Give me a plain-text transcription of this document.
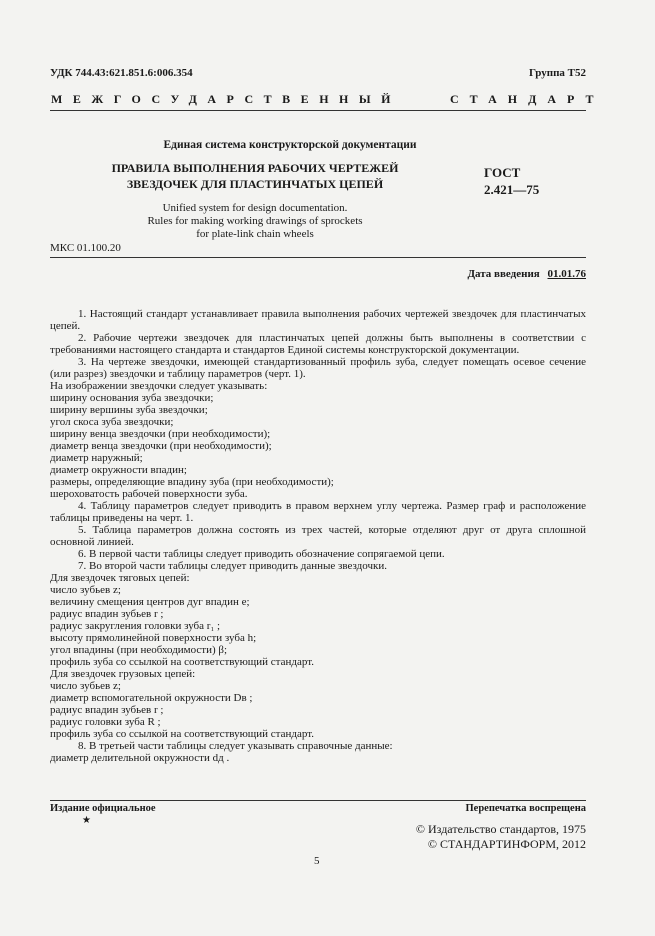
УДК 744.43:621.851.6:006.354	Группа Т52
МЕЖГОСУДАРСТВЕННЫЙ	СТАНДАРТ
Единая система конструкторской документации
ПРАВИЛА ВЫПОЛНЕНИЯ РАБОЧИХ ЧЕРТЕЖЕЙ
ЗВЕЗДОЧЕК ДЛЯ ПЛАСТИНЧАТЫХ ЦЕПЕЙ
ГОСТ
2.421—75
Unified system for design documentation.
Rules for making working drawings of sprockets
for plate-link chain wheels
МКС 01.100.20
Дата введения 01.01.76
1. Настоящий стандарт устанавливает правила выполнения рабочих чертежей звездочек для пластинчатых цепей.
2. Рабочие чертежи звездочек для пластинчатых цепей должны быть выполнены в соответствии с требованиями настоящего стандарта и стандартов Единой системы конструкторской документации.
3. На чертеже звездочки, имеющей стандартизованный профиль зуба, следует помещать осевое сечение (или разрез) звездочки и таблицу параметров (черт. 1).
На изображении звездочки следует указывать:
ширину основания зуба звездочки;
ширину вершины зуба звездочки;
угол скоса зуба звездочки;
ширину венца звездочки (при необходимости);
диаметр венца звездочки (при необходимости);
диаметр наружный;
диаметр окружности впадин;
размеры, определяющие впадину зуба (при необходимости);
шероховатость рабочей поверхности зуба.
4. Таблицу параметров следует приводить в правом верхнем углу чертежа. Размер граф и расположение таблицы приведены на черт. 1.
5. Таблица параметров должна состоять из трех частей, которые отделяют друг от друга сплошной основной линией.
6. В первой части таблицы следует приводить обозначение сопрягаемой цепи.
7. Во второй части таблицы следует приводить данные звездочки.
Для звездочек тяговых цепей:
число зубьев z;
величину смещения центров дуг впадин e;
радиус впадин зубьев r ;
радиус закругления головки зуба r₁ ;
высоту прямолинейной поверхности зуба h;
угол впадины (при необходимости) β;
профиль зуба со ссылкой на соответствующий стандарт.
Для звездочек грузовых цепей:
число зубьев z;
диаметр вспомогательной окружности Dв ;
радиус впадин зубьев r ;
радиус головки зуба R ;
профиль зуба со ссылкой на соответствующий стандарт.
8. В третьей части таблицы следует указывать справочные данные:
диаметр делительной окружности dд .
Издание официальное	Перепечатка воспрещена
★
© Издательство стандартов, 1975
© СТАНДАРТИНФОРМ, 2012
5
